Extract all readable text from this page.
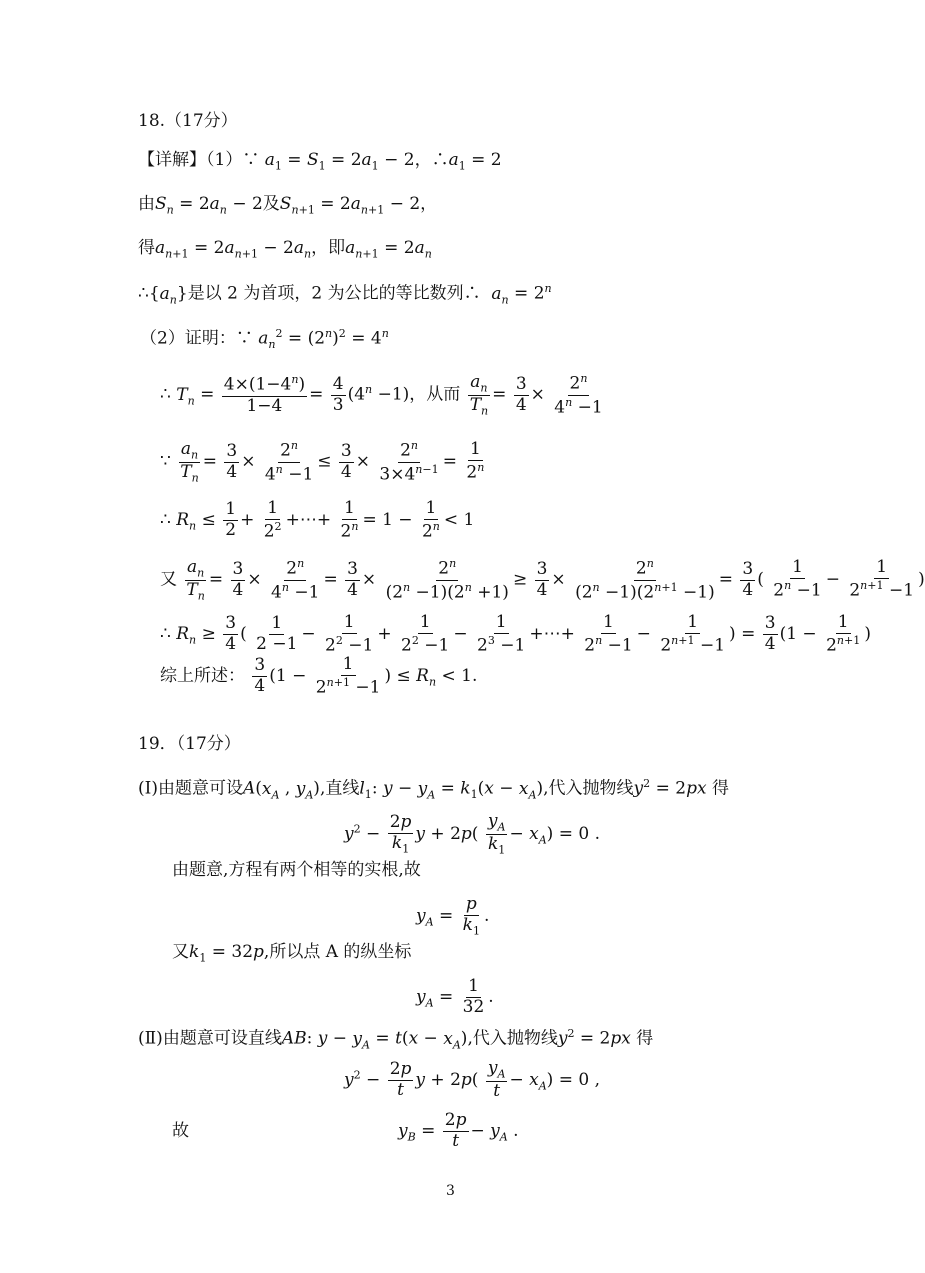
18.（17分）
【详解】（1）∵ $a_1 = S_1 = 2a_1 - 2$，$\therefore a_1 = 2$
由$S_n = 2a_n - 2$及$S_{n+1} = 2a_{n+1} - 2$，
得$a_{n+1} = 2a_{n+1} - 2a_n$，即$a_{n+1} = 2a_n$
$\therefore\{a_n\}$是以 2 为首项，2 为公比的等比数列∴  $a_n = 2^n$
（2）证明：∵ $a_n^2 = (2^n)^2 = 4^n$
∴ $T_n = \frac{4\times(1-4^n)}{1-4} = \frac{4}{3} (4^n -1)$，从而 $\frac{a_n}{T_n} = \frac{3}{4} \times \frac{2^n}{4^n -1}$
∵ $\frac{a_n}{T_n} = \frac{3}{4} \times \frac{2^n}{4^n -1} \le \frac{3}{4} \times \frac{2^n}{3\times 4^{n-1}} = \frac{1}{2^n}$
∴ $R_n \le \frac{1}{2} + \frac{1}{2^2}$ +⋯+ $\frac{1}{2^n} = 1 - \frac{1}{2^n} < 1$
又 $\frac{a_n}{T_n} = \frac{3}{4} \times \frac{2^n}{4^n -1} = \frac{3}{4} \times \frac{2^n}{(2^n -1)(2^n +1)} \ge \frac{3}{4} \times \frac{2^n}{(2^n -1)(2^{n+1} -1)} = \frac{3}{4}$ ( $\frac{1}{2^n -1} - \frac{1}{2^{n+1} -1}$ )
∴ $R_n \ge \frac{3}{4}$ ( $\frac{1}{2 -1} - \frac{1}{2^2 -1} + \frac{1}{2^2 -1} - \frac{1}{2^3 -1}$ +⋯+ $\frac{1}{2^n -1} - \frac{1}{2^{n+1} -1}$ ) = $\frac{3}{4} (1 - \frac{1}{2^{n+1}}$ )
综上所述： $\frac{3}{4} (1 - \frac{1}{2^{n+1} -1}$ ) ≤ $R_n < 1$.
19．（17分）
(Ⅰ)由题意可设$A(x_A$ , $y_A$),直线$l_1$: $y - y_A = k_1(x - x_A)$,代入抛物线$y^2 = 2px$ 得
$y^2 - \frac{2p}{k_1}$ $y + 2p( \frac{y_A}{k_1} - x_A) = 0$ .
由题意,方程有两个相等的实根,故
$y_A = \frac{p}{k_1}$ .
又$k_1 = 32p$,所以点 A 的纵坐标
$y_A = \frac{1}{32}$ .
(Ⅱ)由题意可设直线AB: $y - y_A = t(x - x_A)$,代入抛物线$y^2 = 2px$ 得
$y^2 - \frac{2p}{t}$ $y + 2p( \frac{y_A}{t} - x_A) = 0$ ,
故	$y_B = \frac{2p}{t} - y_A$ .
3
